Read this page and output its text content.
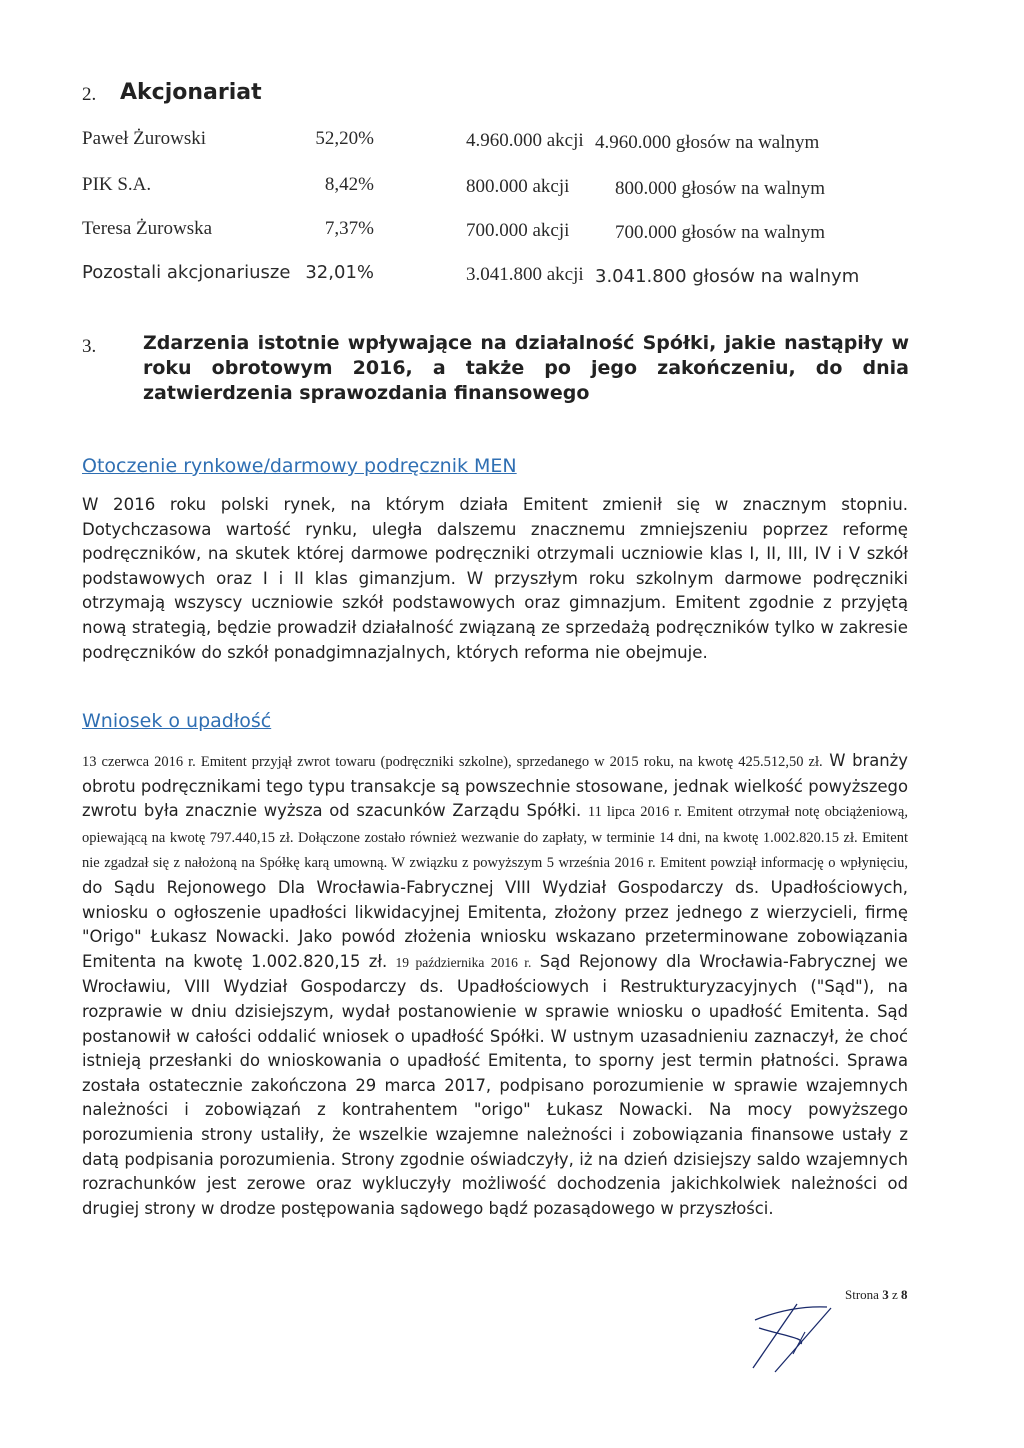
2. Akcjonariat
Paweł Żurowski	52,20%	4.960.000 akcji 4.960.000 głosów na walnym
PIK S.A.	8,42%	800.000 akcji 800.000 głosów na walnym
Teresa Żurowska	7,37%	700.000 akcji 700.000 głosów na walnym
Pozostali akcjonariusze 32,01%	3.041.800 akcji 3.041.800 głosów na walnym
3. Zdarzenia istotnie wpływające na działalność Spółki, jakie nastąpiły w roku obrotowym 2016, a także po jego zakończeniu, do dnia zatwierdzenia sprawozdania finansowego
Otoczenie rynkowe/darmowy podręcznik MEN
W 2016 roku polski rynek, na którym działa Emitent zmienił się w znacznym stopniu. Dotychczasowa wartość rynku, uległa dalszemu znacznemu zmniejszeniu poprzez reformę podręczników, na skutek której darmowe podręczniki otrzymali uczniowie klas I, II, III, IV i V szkół podstawowych oraz I i II klas gimanzjum. W przyszłym roku szkolnym darmowe podręczniki otrzymają wszyscy uczniowie szkół podstawowych oraz gimnazjum. Emitent zgodnie z przyjętą nową strategią, będzie prowadził działalność związaną ze sprzedażą podręczników tylko w zakresie podręczników do szkół ponadgimnazjalnych, których reforma nie obejmuje.
Wniosek o upadłość
13 czerwca 2016 r. Emitent przyjął zwrot towaru (podręczniki szkolne), sprzedanego w 2015 roku, na kwotę 425.512,50 zł. W branży obrotu podręcznikami tego typu transakcje są powszechnie stosowane, jednak wielkość powyższego zwrotu była znacznie wyższa od szacunków Zarządu Spółki. 11 lipca 2016 r. Emitent otrzymał notę obciążeniową, opiewającą na kwotę 797.440,15 zł. Dołączone zostało również wezwanie do zapłaty, w terminie 14 dni, na kwotę 1.002.820.15 zł. Emitent nie zgadzał się z nałożoną na Spółkę karą umowną. W związku z powyższym 5 września 2016 r. Emitent powziął informację o wpłynięciu, do Sądu Rejonowego Dla Wrocławia-Fabrycznej VIII Wydział Gospodarczy ds. Upadłościowych, wniosku o ogłoszenie upadłości likwidacyjnej Emitenta, złożony przez jednego z wierzycieli, firmę "Origo" Łukasz Nowacki. Jako powód złożenia wniosku wskazano przeterminowane zobowiązania Emitenta na kwotę 1.002.820,15 zł. 19 października 2016 r. Sąd Rejonowy dla Wrocławia-Fabrycznej we Wrocławiu, VIII Wydział Gospodarczy ds. Upadłościowych i Restrukturyzacyjnych ("Sąd"), na rozprawie w dniu dzisiejszym, wydał postanowienie w sprawie wniosku o upadłość Emitenta. Sąd postanowił w całości oddalić wniosek o upadłość Spółki. W ustnym uzasadnieniu zaznaczył, że choć istnieją przesłanki do wnioskowania o upadłość Emitenta, to sporny jest termin płatności. Sprawa została ostatecznie zakończona 29 marca 2017, podpisano porozumienie w sprawie wzajemnych należności i zobowiązań z kontrahentem "origo" Łukasz Nowacki. Na mocy powyższego porozumienia strony ustaliły, że wszelkie wzajemne należności i zobowiązania finansowe ustały z datą podpisania porozumienia. Strony zgodnie oświadczyły, iż na dzień dzisiejszy saldo wzajemnych rozrachunków jest zerowe oraz wykluczyły możliwość dochodzenia jakichkolwiek należności od drugiej strony w drodze postępowania sądowego bądź pozasądowego w przyszłości.
Strona 3 z 8
